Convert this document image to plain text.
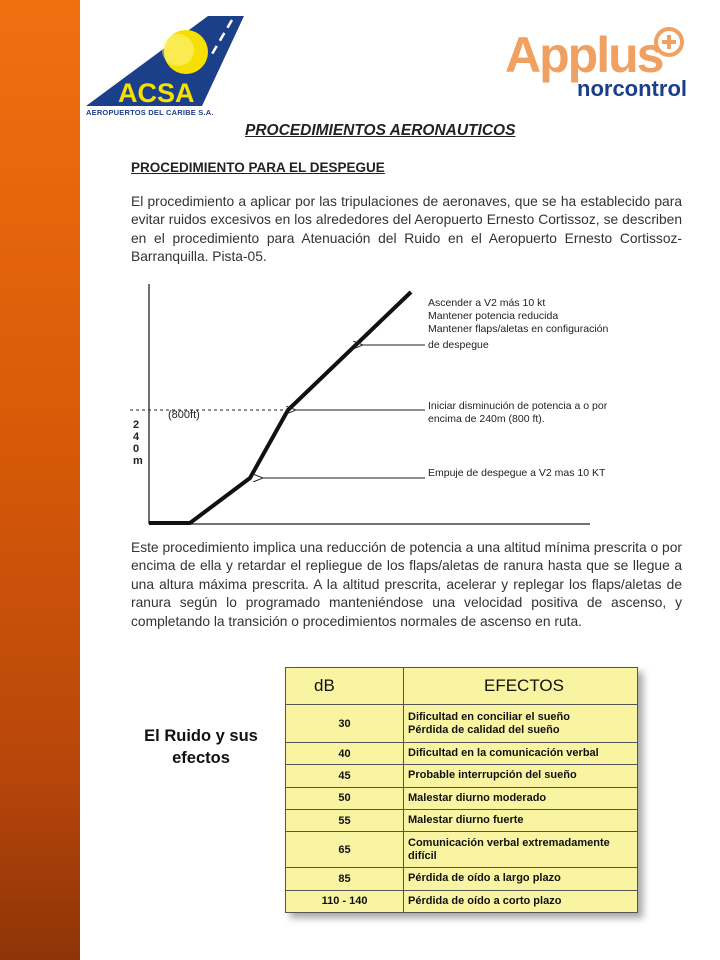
ACSA
AEROPUERTOS DEL CARIBE S.A.
Applus
norcontrol
PROCEDIMIENTOS AERONAUTICOS
PROCEDIMIENTO PARA EL DESPEGUE

El procedimiento a aplicar por las tripulaciones de aeronaves, que se ha establecido para evitar ruidos excesivos en los alrededores del Aeropuerto Ernesto Cortissoz, se describen en el procedimiento para Atenuación del Ruido en el Aeropuerto Ernesto Cortissoz- Barranquilla. Pista-05.

(800ft)
2
4
0
m
Ascender a V2 más 10 kt Mantener potencia reducida Mantener flaps/aletas en configuración de despegue
Iniciar disminución de potencia a o por encima de 240m (800 ft).
Empuje de despegue a V2 mas 10 KT

Este procedimiento implica una reducción de potencia a una altitud mínima prescrita o por encima de ella y retardar el repliegue de los flaps/aletas de ranura hasta que se llegue a una altura máxima prescrita. A la altitud prescrita, acelerar y replegar los flaps/aletas de ranura según lo programado manteniéndose una velocidad positiva de ascenso, y completando la transición o procedimientos normales de ascenso en ruta.

El Ruido y sus efectos
dB	EFECTOS
30	Dificultad en conciliar el sueño
Pérdida de calidad del sueño
40	Dificultad en la comunicación verbal
45	Probable interrupción del sueño
50	Malestar diurno moderado
55	Malestar diurno fuerte
65	Comunicación verbal extremadamente
difícil
85	Pérdida de oído a largo plazo
110 - 140	Pérdida de oído a corto plazo
